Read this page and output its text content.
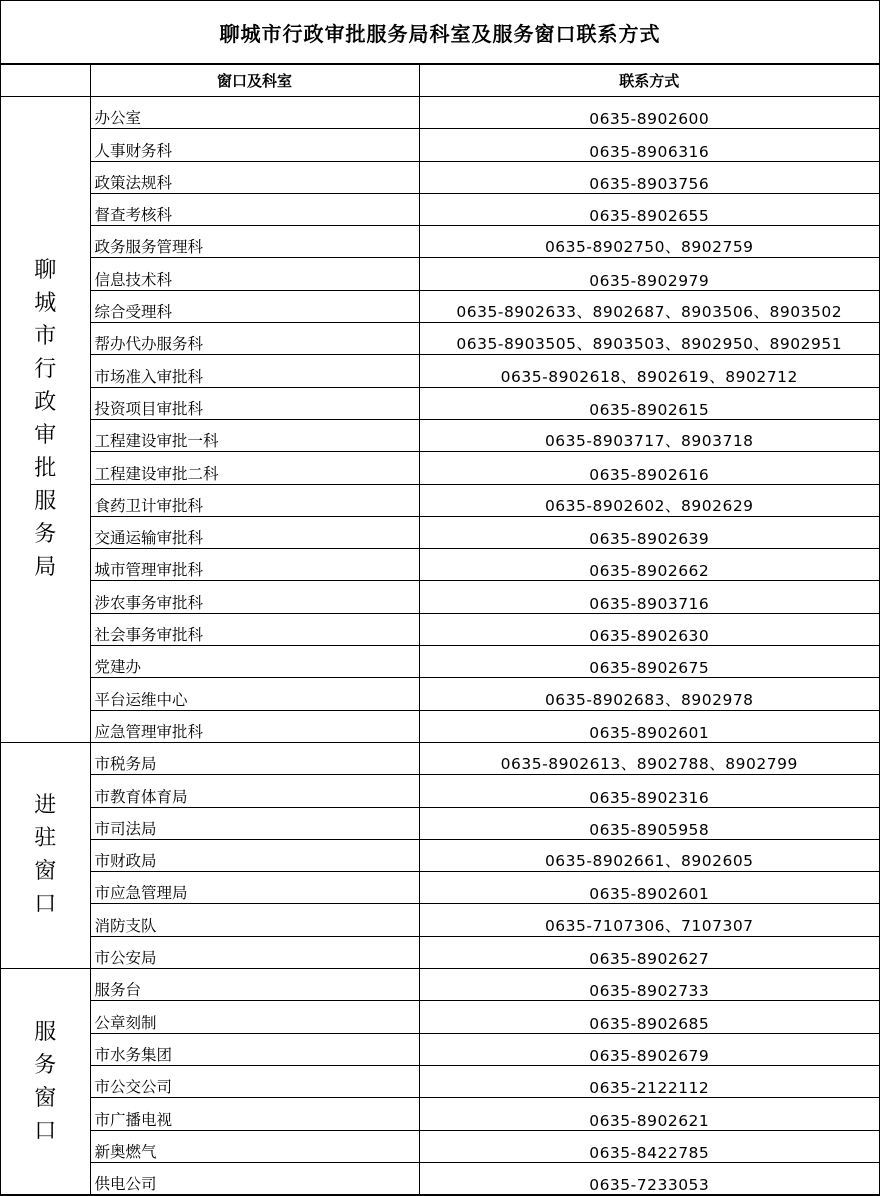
聊城市行政审批服务局科室及服务窗口联系方式
	窗口及科室	联系方式
聊城市行政审批服务局	办公室	0635-8902600
	人事财务科	0635-8906316
	政策法规科	0635-8903756
	督查考核科	0635-8902655
	政务服务管理科	0635-8902750、8902759
	信息技术科	0635-8902979
	综合受理科	0635-8902633、8902687、8903506、8903502
	帮办代办服务科	0635-8903505、8903503、8902950、8902951
	市场准入审批科	0635-8902618、8902619、8902712
	投资项目审批科	0635-8902615
	工程建设审批一科	0635-8903717、8903718
	工程建设审批二科	0635-8902616
	食药卫计审批科	0635-8902602、8902629
	交通运输审批科	0635-8902639
	城市管理审批科	0635-8902662
	涉农事务审批科	0635-8903716
	社会事务审批科	0635-8902630
	党建办	0635-8902675
	平台运维中心	0635-8902683、8902978
	应急管理审批科	0635-8902601
进驻窗口	市税务局	0635-8902613、8902788、8902799
	市教育体育局	0635-8902316
	市司法局	0635-8905958
	市财政局	0635-8902661、8902605
	市应急管理局	0635-8902601
	消防支队	0635-7107306、7107307
	市公安局	0635-8902627
服务窗口	服务台	0635-8902733
	公章刻制	0635-8902685
	市水务集团	0635-8902679
	市公交公司	0635-2122112
	市广播电视	0635-8902621
	新奥燃气	0635-8422785
	供电公司	0635-7233053
